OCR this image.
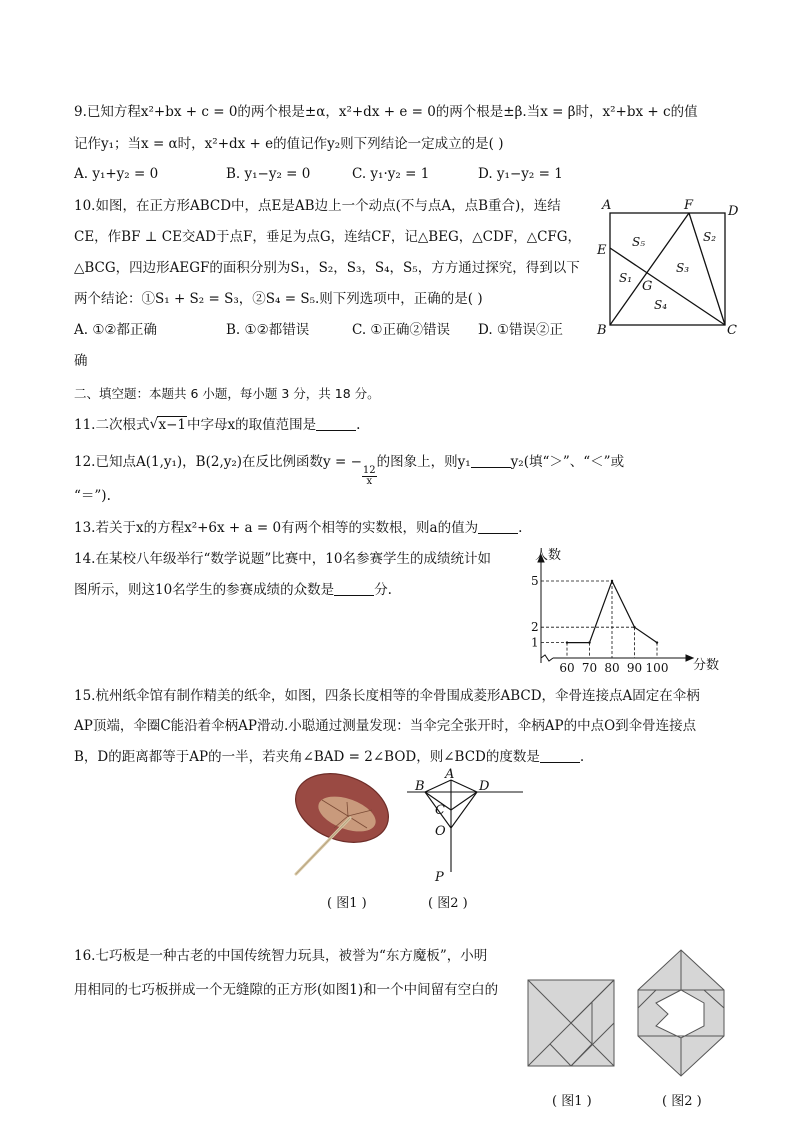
9.已知方程x²+bx + c = 0的两个根是±α，x²+dx + e = 0的两个根是±β.当x = β时，x²+bx + c的值
记作y₁；当x = α时，x²+dx + e的值记作y₂则下列结论一定成立的是( )
A. y₁+y₂ = 0	B. y₁−y₂ = 0	C. y₁·y₂ = 1	D. y₁−y₂ = 1
10.如图，在正方形ABCD中，点E是AB边上一个动点(不与点A，点B重合)，连结
CE，作BF ⊥ CE交AD于点F，垂足为点G，连结CF，记△BEG，△CDF，△CFG，
△BCG，四边形AEGF的面积分别为S₁，S₂，S₃，S₄，S₅，方方通过探究，得到以下
两个结论：①S₁ + S₂ = S₃，②S₄ = S₅.则下列选项中，正确的是( )
A. ①②都正确	B. ①②都错误	C. ①正确②错误 D. ①错误②正
确
A	F	D
E
G
B	C
S₅	S₂
S₃
S₁
S₄
二、填空题：本题共 6 小题，每小题 3 分，共 18 分。
11.二次根式 √ x−1中字母x的取值范围是	.
12.已知点A(1,y₁)，B(2,y₂)在反比例函数y = −
$\frac{12}{x}$
的图象上，则y₁	y₂(填“＞”、“＜”或
“＝”).
13.若关于x的方程x²+6x + a = 0有两个相等的实数根，则a的值为	.
14.在某校八年级举行“数学说题”比赛中，10名参赛学生的成绩统计如
图所示，则这10名学生的参赛成绩的众数是	分.
人数
分数
1
2
5
60 70 80 90 100
15.杭州纸伞馆有制作精美的纸伞，如图，四条长度相等的伞骨围成菱形ABCD，伞骨连接点A固定在伞柄
AP顶端，伞圈C能沿着伞柄AP滑动.小聪通过测量发现：当伞完全张开时，伞柄AP的中点O到伞骨连接点
B，D的距离都等于AP的一半，若夹角∠BAD = 2∠BOD，则∠BCD的度数是	.
( 图1 )
A
B	D
C
O
P
( 图2 )
16.七巧板是一种古老的中国传统智力玩具，被誉为“东方魔板”，小明
用相同的七巧板拼成一个无缝隙的正方形(如图1)和一个中间留有空白的
( 图1 )	( 图2 )
